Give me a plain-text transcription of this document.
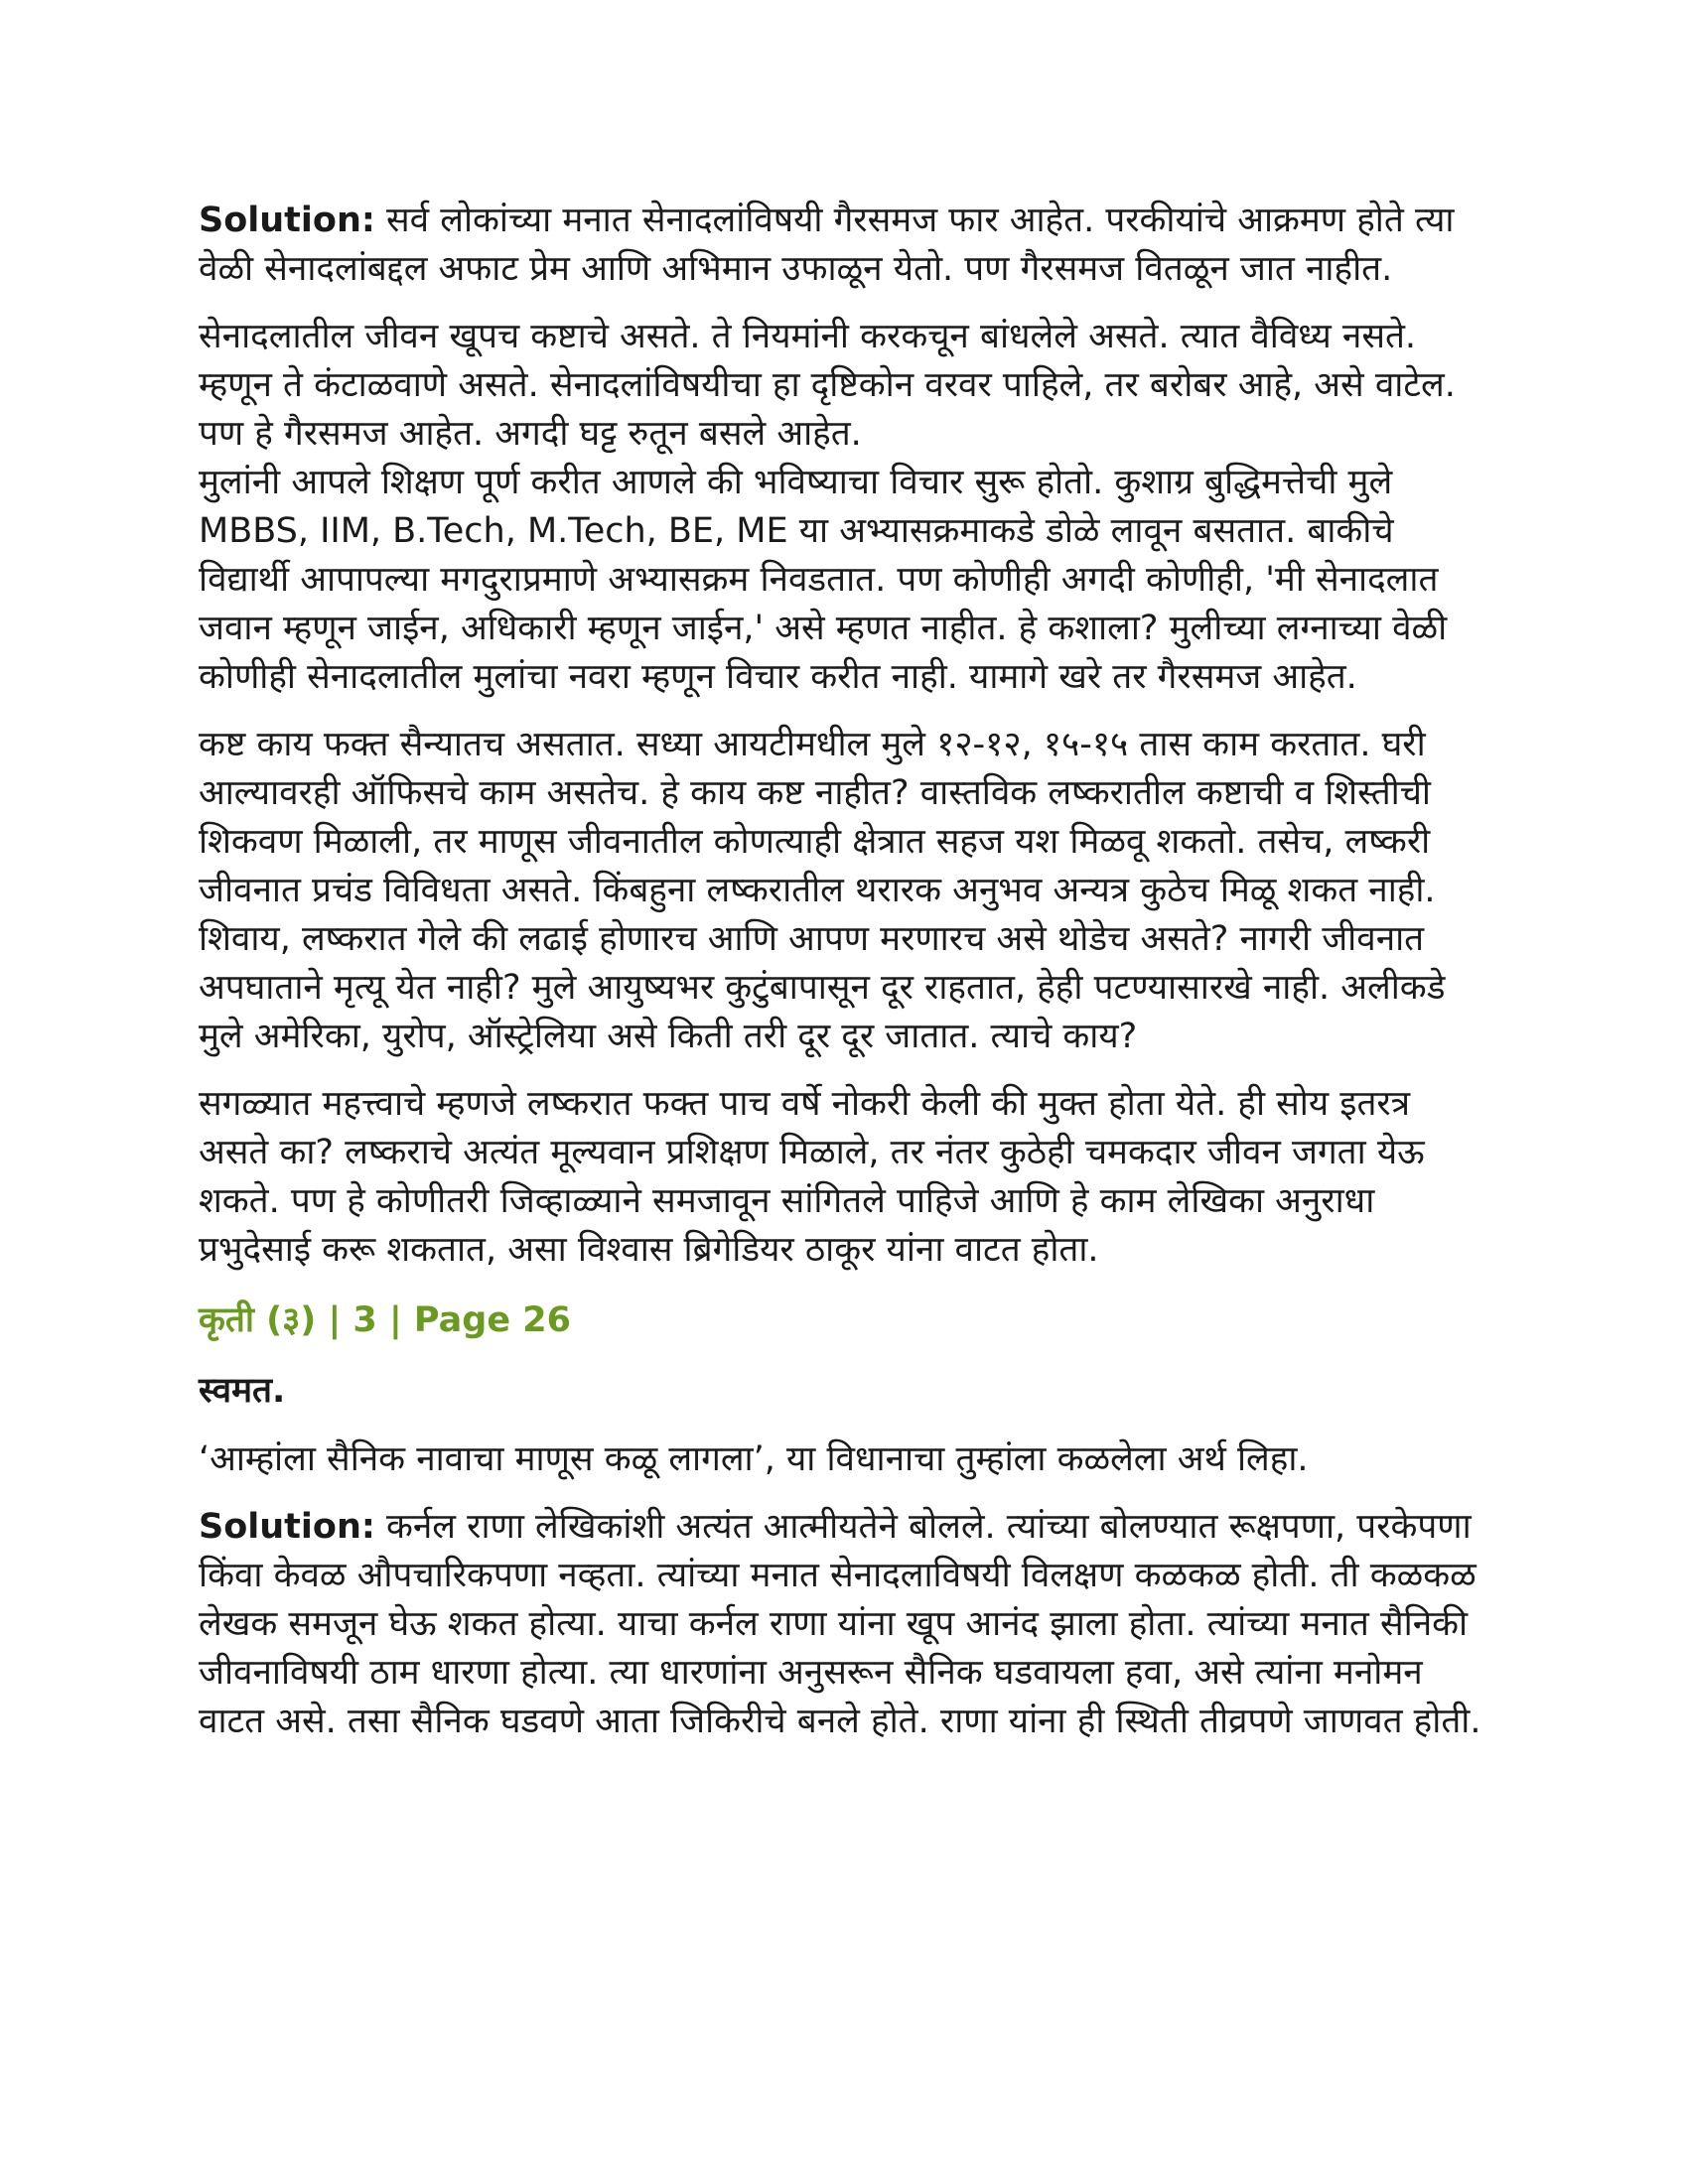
Solution: सर्व लोकांच्या मनात सेनादलांविषयी गैरसमज फार आहेत. परकीयांचे आक्रमण होते त्या वेळी सेनादलांबद्दल अफाट प्रेम आणि अभिमान उफाळून येतो. पण गैरसमज वितळून जात नाहीत.

सेनादलातील जीवन खूपच कष्टाचे असते. ते नियमांनी करकचून बांधलेले असते. त्यात वैविध्य नसते. म्हणून ते कंटाळवाणे असते. सेनादलांविषयीचा हा दृष्टिकोन वरवर पाहिले, तर बरोबर आहे, असे वाटेल. पण हे गैरसमज आहेत. अगदी घट्ट रुतून बसले आहेत.

मुलांनी आपले शिक्षण पूर्ण करीत आणले की भविष्याचा विचार सुरू होतो. कुशाग्र बुद्धिमत्तेची मुले MBBS, IIM, B.Tech, M.Tech, BE, ME या अभ्यासक्रमाकडे डोळे लावून बसतात. बाकीचे विद्यार्थी आपापल्या मगदुराप्रमाणे अभ्यासक्रम निवडतात. पण कोणीही अगदी कोणीही, 'मी सेनादलात जवान म्हणून जाईन, अधिकारी म्हणून जाईन,' असे म्हणत नाहीत. हे कशाला? मुलीच्या लग्नाच्या वेळी कोणीही सेनादलातील मुलांचा नवरा म्हणून विचार करीत नाही. यामागे खरे तर गैरसमज आहेत.

कष्ट काय फक्त सैन्यातच असतात. सध्या आयटीमधील मुले १२-१२, १५-१५ तास काम करतात. घरी आल्यावरही ऑफिसचे काम असतेच. हे काय कष्ट नाहीत? वास्तविक लष्करातील कष्टाची व शिस्तीची शिकवण मिळाली, तर माणूस जीवनातील कोणत्याही क्षेत्रात सहज यश मिळवू शकतो. तसेच, लष्करी जीवनात प्रचंड विविधता असते. किंबहुना लष्करातील थरारक अनुभव अन्यत्र कुठेच मिळू शकत नाही. शिवाय, लष्करात गेले की लढाई होणारच आणि आपण मरणारच असे थोडेच असते? नागरी जीवनात अपघाताने मृत्यू येत नाही? मुले आयुष्यभर कुटुंबापासून दूर राहतात, हेही पटण्यासारखे नाही. अलीकडे मुले अमेरिका, युरोप, ऑस्ट्रेलिया असे किती तरी दूर दूर जातात. त्याचे काय?

सगळ्यात महत्त्वाचे म्हणजे लष्करात फक्त पाच वर्षे नोकरी केली की मुक्त होता येते. ही सोय इतरत्र असते का? लष्कराचे अत्यंत मूल्यवान प्रशिक्षण मिळाले, तर नंतर कुठेही चमकदार जीवन जगता येऊ शकते. पण हे कोणीतरी जिव्हाळ्याने समजावून सांगितले पाहिजे आणि हे काम लेखिका अनुराधा प्रभुदेसाई करू शकतात, असा विश्वास ब्रिगेडियर ठाकूर यांना वाटत होता.

कृती (३) | 3 | Page 26
स्वमत.

‘आम्हांला सैनिक नावाचा माणूस कळू लागला’, या विधानाचा तुम्हांला कळलेला अर्थ लिहा.

Solution: कर्नल राणा लेखिकांशी अत्यंत आत्मीयतेने बोलले. त्यांच्या बोलण्यात रूक्षपणा, परकेपणा किंवा केवळ औपचारिकपणा नव्हता. त्यांच्या मनात सेनादलाविषयी विलक्षण कळकळ होती. ती कळकळ लेखक समजून घेऊ शकत होत्या. याचा कर्नल राणा यांना खूप आनंद झाला होता. त्यांच्या मनात सैनिकी जीवनाविषयी ठाम धारणा होत्या. त्या धारणांना अनुसरून सैनिक घडवायला हवा, असे त्यांना मनोमन वाटत असे. तसा सैनिक घडवणे आता जिकिरीचे बनले होते. राणा यांना ही स्थिती तीव्रपणे जाणवत होती.
